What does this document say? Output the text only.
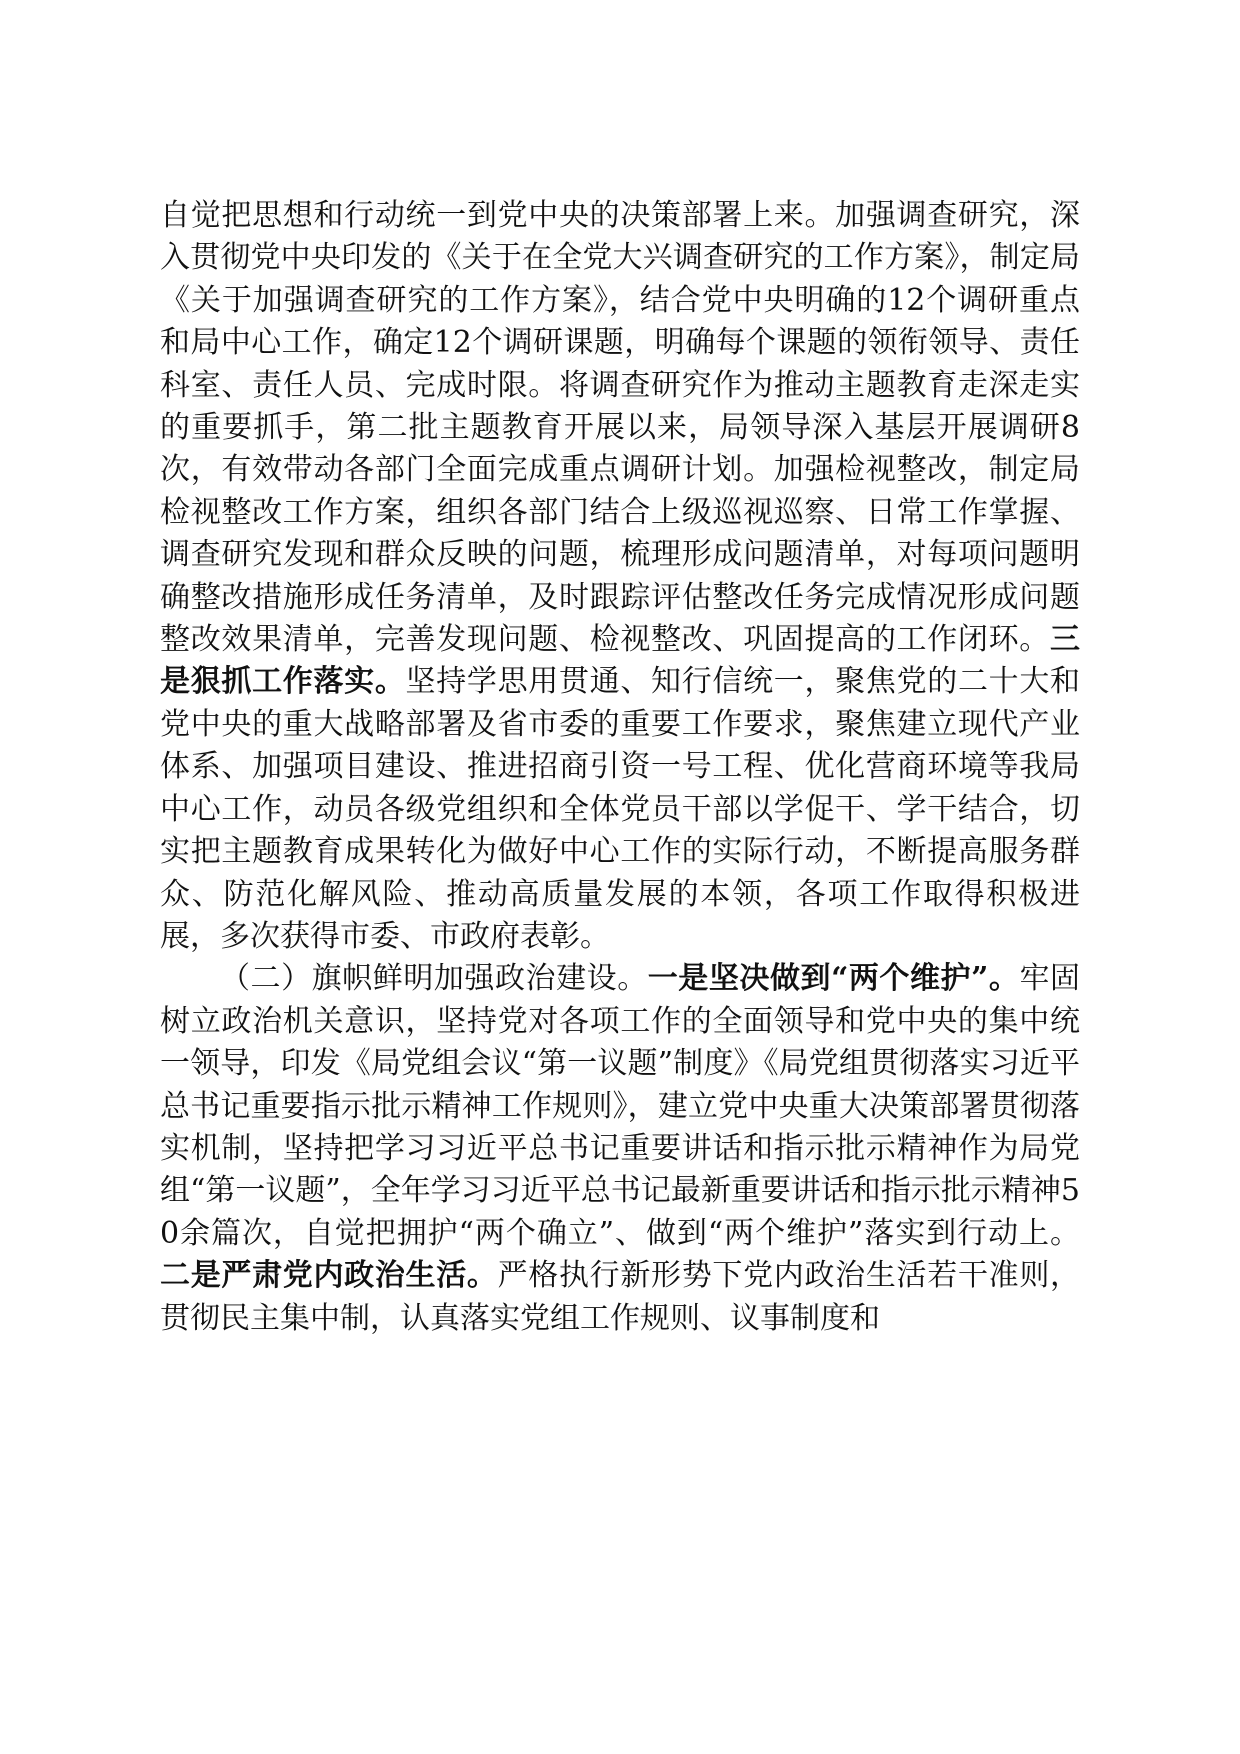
自觉把思想和行动统一到党中央的决策部署上来。加强调查研究，深入贯彻党中央印发的《关于在全党大兴调查研究的工作方案》，制定局《关于加强调查研究的工作方案》，结合党中央明确的12个调研重点和局中心工作，确定12个调研课题，明确每个课题的领衔领导、责任科室、责任人员、完成时限。将调查研究作为推动主题教育走深走实的重要抓手，第二批主题教育开展以来，局领导深入基层开展调研8次，有效带动各部门全面完成重点调研计划。加强检视整改，制定局检视整改工作方案，组织各部门结合上级巡视巡察、日常工作掌握、调查研究发现和群众反映的问题，梳理形成问题清单，对每项问题明确整改措施形成任务清单，及时跟踪评估整改任务完成情况形成问题整改效果清单，完善发现问题、检视整改、巩固提高的工作闭环。三是狠抓工作落实。坚持学思用贯通、知行信统一，聚焦党的二十大和党中央的重大战略部署及省市委的重要工作要求，聚焦建立现代产业体系、加强项目建设、推进招商引资一号工程、优化营商环境等我局中心工作，动员各级党组织和全体党员干部以学促干、学干结合，切实把主题教育成果转化为做好中心工作的实际行动，不断提高服务群众、防范化解风险、推动高质量发展的本领，各项工作取得积极进展，多次获得市委、市政府表彰。

（二）旗帜鲜明加强政治建设。一是坚决做到“两个维护”。牢固树立政治机关意识，坚持党对各项工作的全面领导和党中央的集中统一领导，印发《局党组会议“第一议题”制度》《局党组贯彻落实习近平总书记重要指示批示精神工作规则》，建立党中央重大决策部署贯彻落实机制，坚持把学习习近平总书记重要讲话和指示批示精神作为局党组“第一议题”，全年学习习近平总书记最新重要讲话和指示批示精神50余篇次，自觉把拥护“两个确立”、做到“两个维护”落实到行动上。二是严肃党内政治生活。严格执行新形势下党内政治生活若干准则，贯彻民主集中制，认真落实党组工作规则、议事制度和
